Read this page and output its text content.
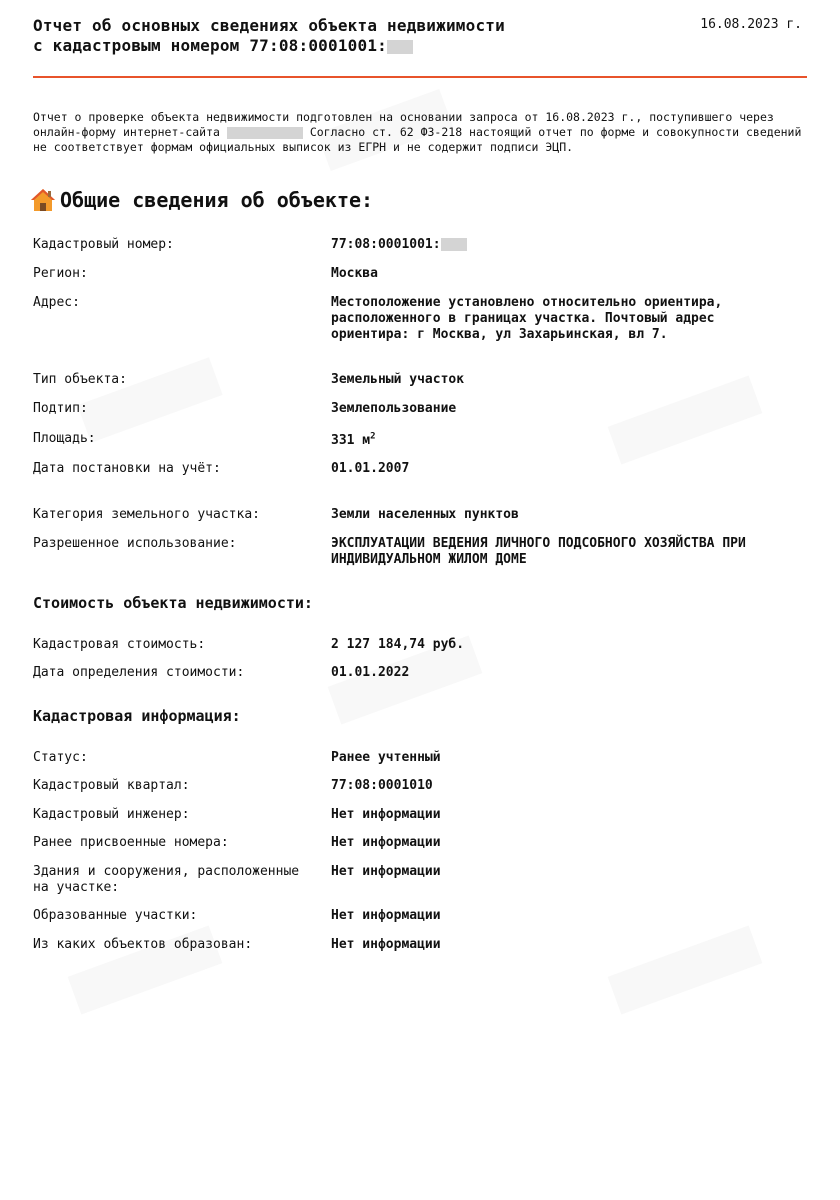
Отчет об основных сведениях объекта недвижимости
с кадастровым номером 77:08:0001001:
16.08.2023 г.
Отчет о проверке объекта недвижимости подготовлен на основании запроса от 16.08.2023 г., поступившего через онлайн-форму интернет-сайта	Согласно ст. 62 ФЗ-218 настоящий отчет по форме и совокупности сведений не соответствует формам официальных выписок из ЕГРН и не содержит подписи ЭЦП.
Общие сведения об объекте:
Кадастровый номер:	77:08:0001001:
Регион:	Москва
Адрес:	Местоположение установлено относительно ориентира, расположенного в границах участка. Почтовый адрес ориентира: г Москва, ул Захарьинская, вл 7.
Тип объекта:	Земельный участок
Подтип:	Землепользование
Площадь:	331 $м^2$
Дата постановки на учёт:	01.01.2007
Категория земельного участка:	Земли населенных пунктов
Разрешенное использование:	ЭКСПЛУАТАЦИИ ВЕДЕНИЯ ЛИЧНОГО ПОДСОБНОГО ХОЗЯЙСТВА ПРИ ИНДИВИДУАЛЬНОМ ЖИЛОМ ДОМЕ
Стоимость объекта недвижимости:
Кадастровая стоимость:	2 127 184,74 руб.
Дата определения стоимости:	01.01.2022
Кадастровая информация:
Статус:	Ранее учтенный
Кадастровый квартал:	77:08:0001010
Кадастровый инженер:	Нет информации
Ранее присвоенные номера:	Нет информации
Здания и сооружения, расположенные на участке:
Нет информации
Образованные участки:	Нет информации
Из каких объектов образован:	Нет информации
